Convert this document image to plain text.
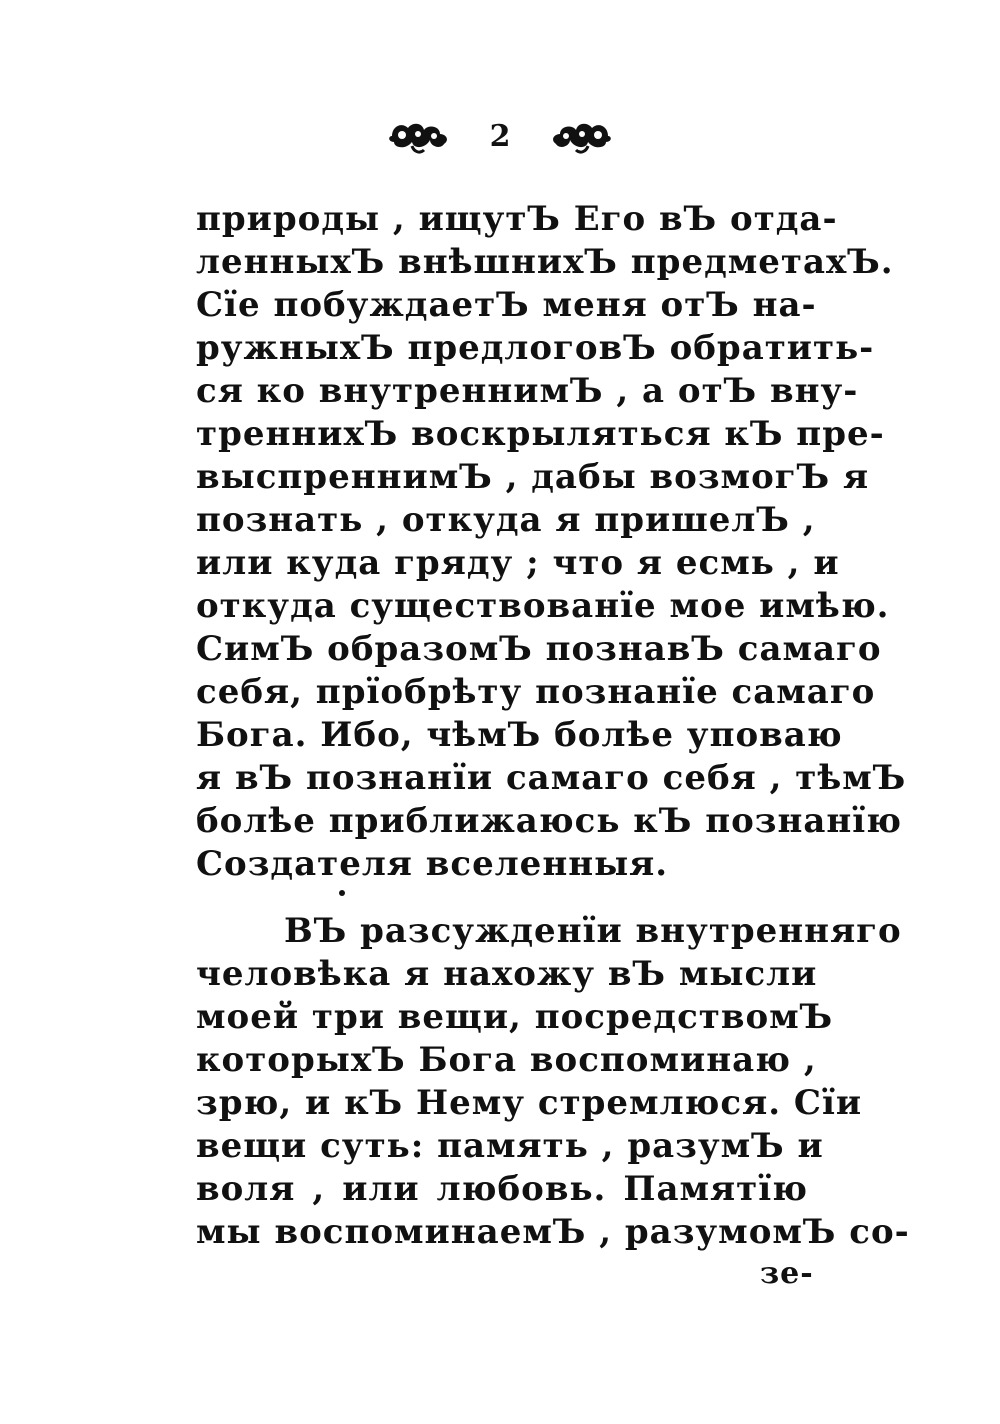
2
природы , ищутЪ Его вЪ отда-
ленныхЪ внѣшнихЪ предметахЪ.
Сїе побуждаетЪ меня отЪ на-
ружныхЪ предлоговЪ обратить-
ся ко внутреннимЪ , а отЪ вну-
треннихЪ воскрыляться кЪ пре-
выспреннимЪ , дабы возмогЪ я
познать , откуда я пришелЪ ,
или куда гряду ; что я есмь , и
откуда существованїе мое имѣю.
СимЪ образомЪ познавЪ самаго
себя, прїобрѣту познанїе самаго
Бога. Ибо, чѣмЪ болѣе уповаю
я вЪ познанїи самаго себя , тѣмЪ
болѣе приближаюсь кЪ познанїю
Создателя вселенныя.
ВЪ разсужденїи внутренняго
человѣка я нахожу вЪ мысли
моей три вещи, посредствомЪ
которыхЪ Бога воспоминаю ,
зрю, и кЪ Нему стремлюся. Сїи
вещи суть: память , разумЪ и
воля , или любовь. Памятїю
мы воспоминаемЪ , разумомЪ со-
зе-
